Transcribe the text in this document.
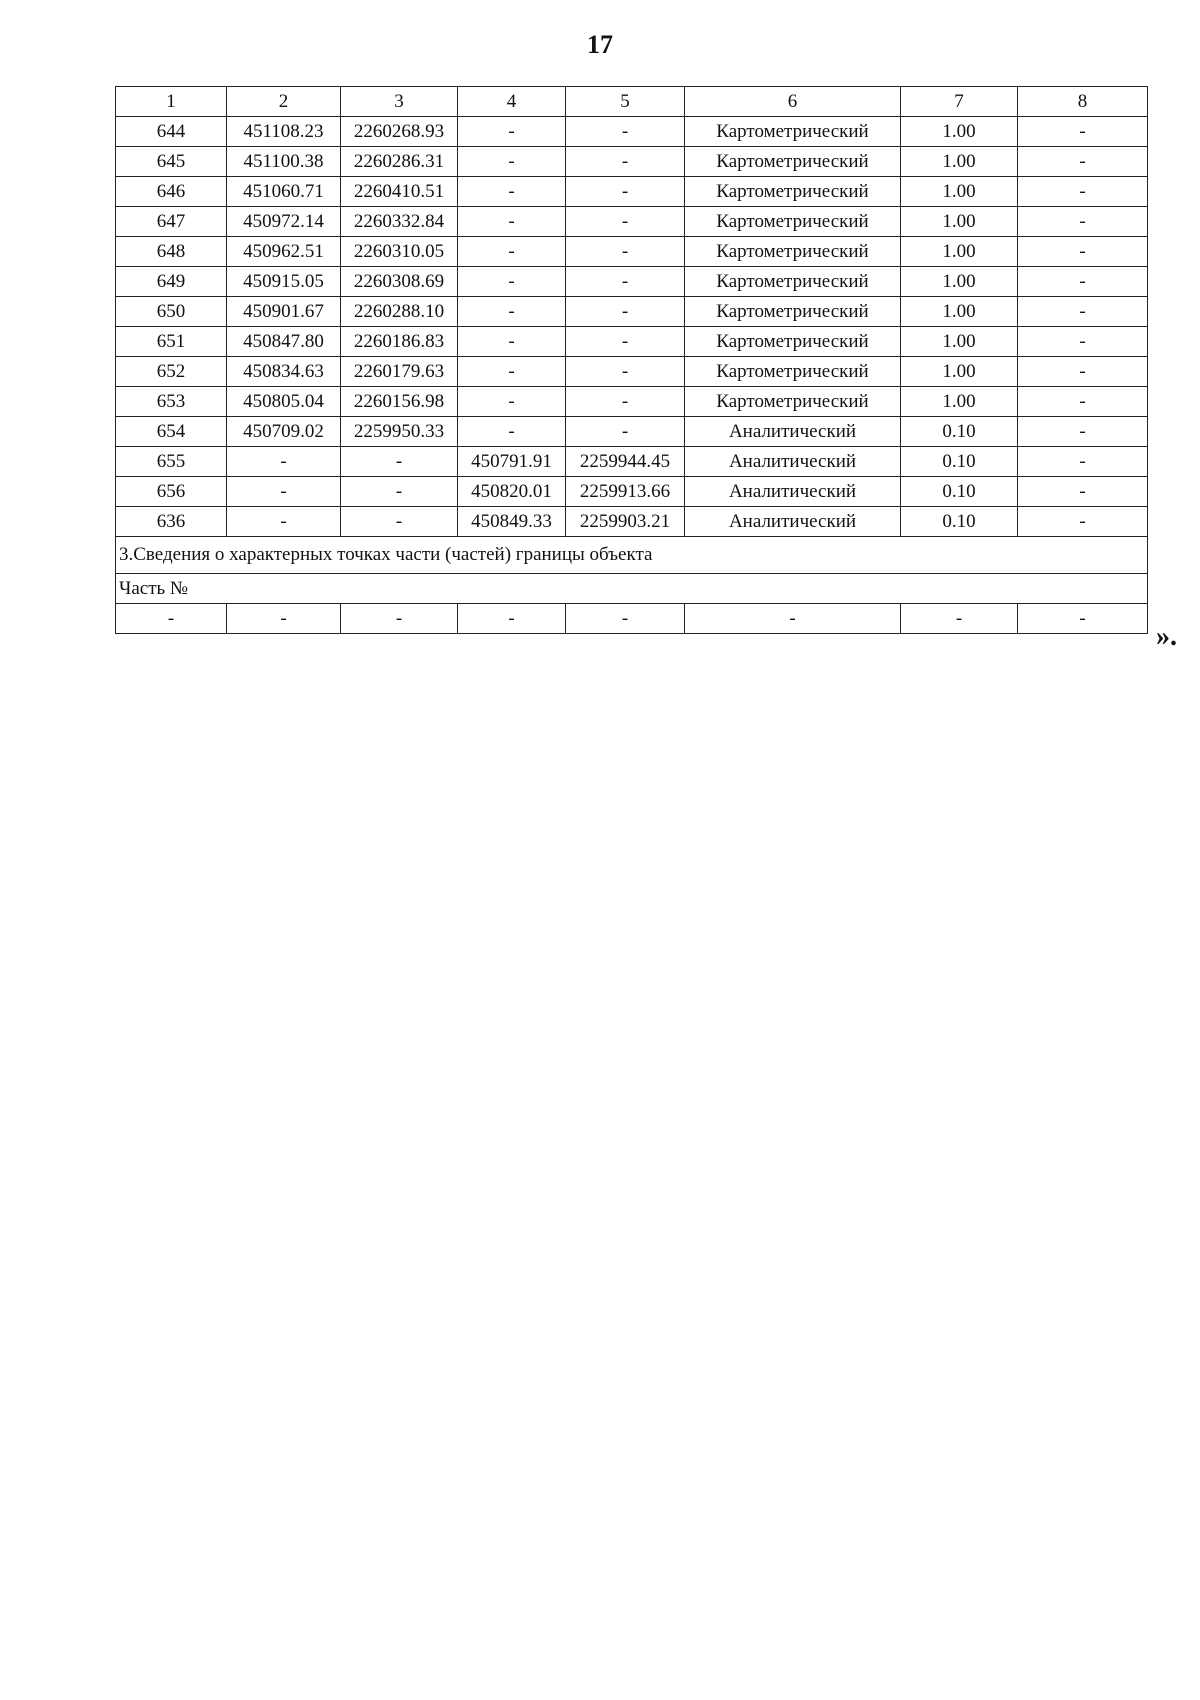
17
1	2	3	4	5	6	7	8
644	451108.23	2260268.93	-	-	Картометрический	1.00	-
645	451100.38	2260286.31	-	-	Картометрический	1.00	-
646	451060.71	2260410.51	-	-	Картометрический	1.00	-
647	450972.14	2260332.84	-	-	Картометрический	1.00	-
648	450962.51	2260310.05	-	-	Картометрический	1.00	-
649	450915.05	2260308.69	-	-	Картометрический	1.00	-
650	450901.67	2260288.10	-	-	Картометрический	1.00	-
651	450847.80	2260186.83	-	-	Картометрический	1.00	-
652	450834.63	2260179.63	-	-	Картометрический	1.00	-
653	450805.04	2260156.98	-	-	Картометрический	1.00	-
654	450709.02	2259950.33	-	-	Аналитический	0.10	-
655	-	-	450791.91	2259944.45	Аналитический	0.10	-
656	-	-	450820.01	2259913.66	Аналитический	0.10	-
636	-	-	450849.33	2259903.21	Аналитический	0.10	-
3.Сведения о характерных точках части (частей) границы объекта							
Часть №							
-	-	-	-	-	-	-	-
».
